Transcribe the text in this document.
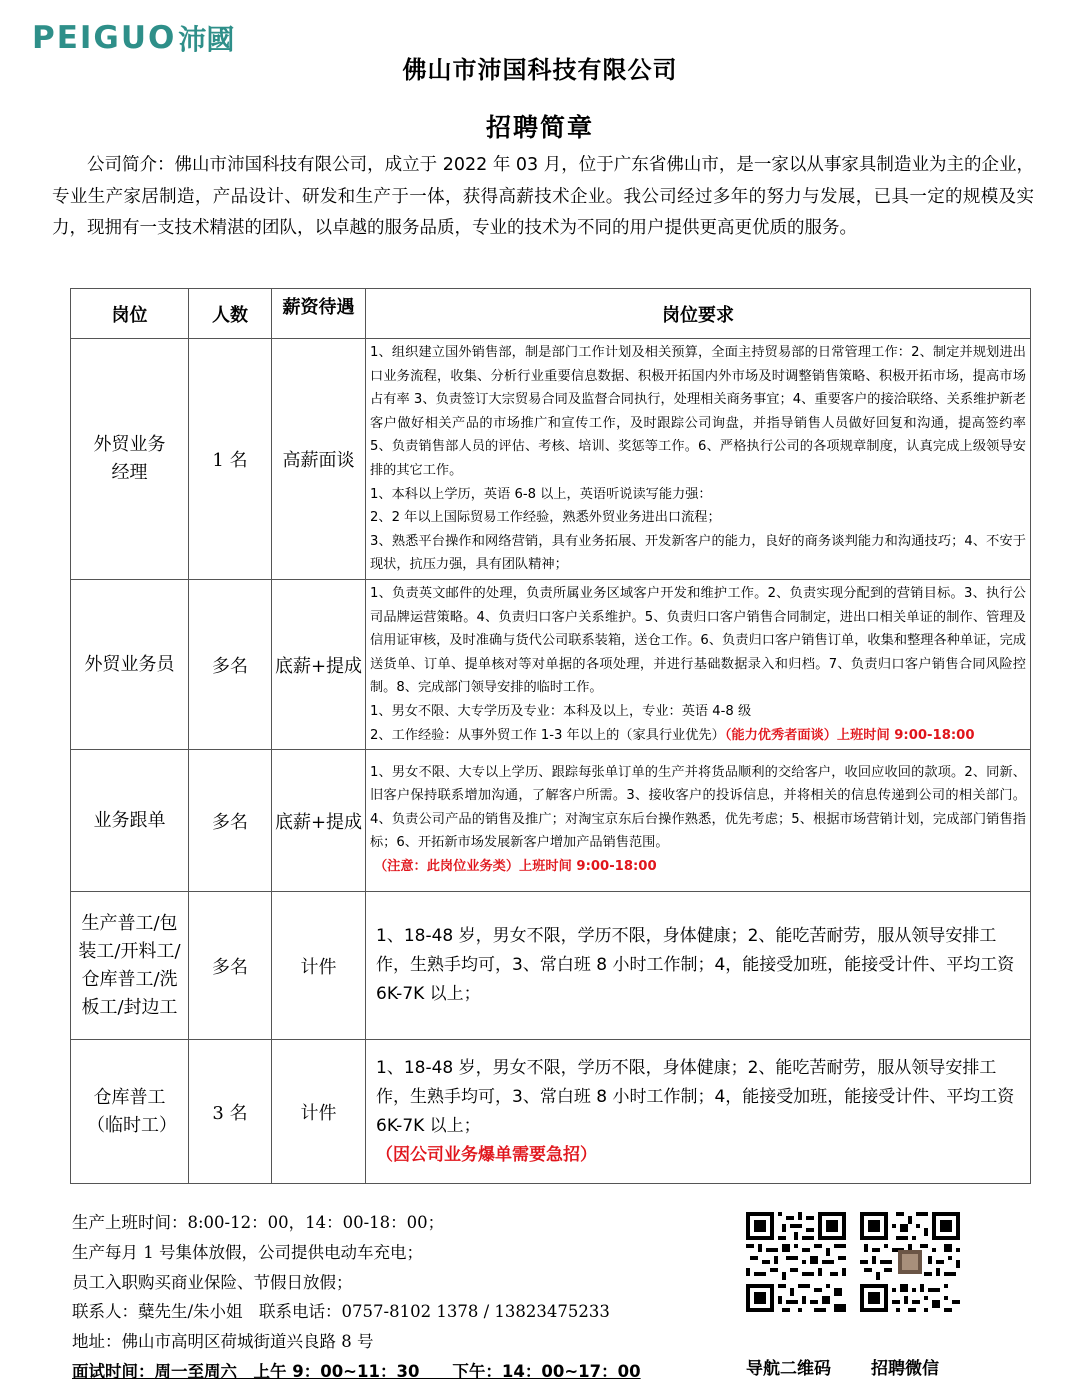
PEIGUO 沛國
佛山市沛国科技有限公司
招聘简章
公司简介：佛山市沛国科技有限公司，成立于 2022 年 03 月，位于广东省佛山市，是一家以从事家具制造业为主的企业，专业生产家居制造，产品设计、研发和生产于一体，获得高薪技术企业。我公司经过多年的努力与发展，已具一定的规模及实力，现拥有一支技术精湛的团队，以卓越的服务品质，专业的技术为不同的用户提供更高更优质的服务。
岗位	人数	薪资待遇	岗位要求
外贸业务经理	1 名	高薪面谈	1、组织建立国外销售部，制是部门工作计划及相关预算，全面主持贸易部的日常管理工作：2、制定并规划进出口业务流程，收集、分析行业重要信息数据、积极开拓国内外市场及时调整销售策略、积极开拓市场，提高市场占有率 3、负责签订大宗贸易合同及监督合同执行，处理相关商务事宜；4、重要客户的接洽联络、关系维护新老客户做好相关产品的市场推广和宣传工作，及时跟踪公司询盘，并指导销售人员做好回复和沟通，提高签约率 5、负责销售部人员的评估、考核、培训、奖惩等工作。6、严格执行公司的各项规章制度，认真完成上级领导安排的其它工作。

1、本科以上学历，英语 6-8 以上，英语听说读写能力强：

2、2 年以上国际贸易工作经验，熟悉外贸业务进出口流程；

3、熟悉平台操作和网络营销，具有业务拓展、开发新客户的能力，良好的商务谈判能力和沟通技巧；4、不安于现状，抗压力强，具有团队精神；

外贸业务员	多名	底薪+提成	1、负责英文邮件的处理，负责所属业务区域客户开发和维护工作。2、负责实现分配到的营销目标。3、执行公司品牌运营策略。4、负责归口客户关系维护。5、负责归口客户销售合同制定，进出口相关单证的制作、管理及信用证审核，及时准确与货代公司联系装箱，送仓工作。6、负责归口客户销售订单，收集和整理各种单证，完成送货单、订单、提单核对等对单据的各项处理，并进行基础数据录入和归档。7、负责归口客户销售合同风险控制。8、完成部门领导安排的临时工作。

1、男女不限、大专学历及专业：本科及以上，专业：英语 4-8 级

2、工作经验：从事外贸工作 1-3 年以上的（家具行业优先）（能力优秀者面谈）上班时间 9:00-18:00

业务跟单	多名	底薪+提成	1、男女不限、大专以上学历、跟踪每张单订单的生产并将货品顺利的交给客户，收回应收回的款项。2、同新、旧客户保持联系增加沟通，了解客户所需。3、接收客户的投诉信息，并将相关的信息传递到公司的相关部门。4、负责公司产品的销售及推广；对淘宝京东后台操作熟悉，优先考虑；5、根据市场营销计划，完成部门销售指标；6、开拓新市场发展新客户增加产品销售范围。

（注意：此岗位业务类）上班时间 9:00-18:00

生产普工/包装工/开料工/仓库普工/洗板工/封边工	多名	计件	1、18-48 岁，男女不限，学历不限，身体健康；2、能吃苦耐劳，服从领导安排工作，生熟手均可，3、常白班 8 小时工作制；4，能接受加班，能接受计件、平均工资 6K-7K 以上；

仓库普工（临时工）	3 名	计件	1、18-48 岁，男女不限，学历不限，身体健康；2、能吃苦耐劳，服从领导安排工作，生熟手均可，3、常白班 8 小时工作制；4，能接受加班，能接受计件、平均工资 6K-7K 以上；

（因公司业务爆单需要急招）

生产上班时间：8:00-12：00，14：00-18：00；

生产每月 1 号集体放假，公司提供电动车充电；

员工入职购买商业保险、节假日放假；

联系人：糵先生/朱小姐　联系电话：0757-8102 1378 / 13823475233

地址：佛山市高明区荷城街道兴良路 8 号

面试时间：周一至周六　上午 9：00~11：30　　下午：14：00~17：00	导航二维码 招聘微信
